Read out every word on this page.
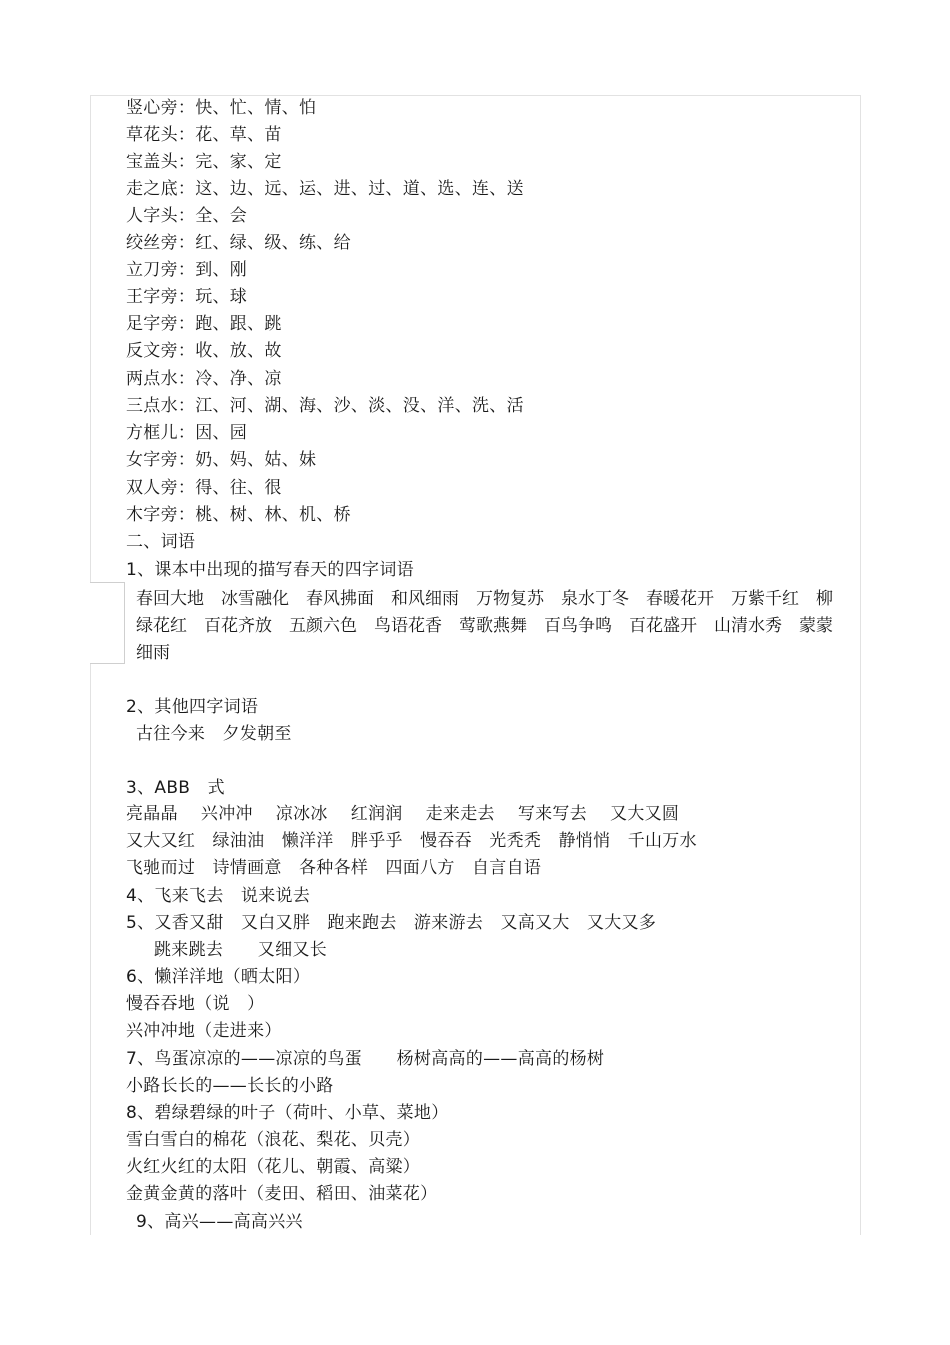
竖心旁：快、忙、情、怕
草花头：花、草、苗
宝盖头：完、家、定
走之底：这、边、远、运、进、过、道、选、连、送
人字头：全、会
绞丝旁：红、绿、级、练、给
立刀旁：到、刚
王字旁：玩、球
足字旁：跑、跟、跳
反文旁：收、放、故
两点水：冷、净、凉
三点水：江、河、湖、海、沙、淡、没、洋、洗、活
方框儿：因、园
女字旁：奶、妈、姑、妹
双人旁：得、往、很
木字旁：桃、树、林、机、桥
二、词语
1、课本中出现的描写春天的四字词语
春回大地　冰雪融化　春风拂面　和风细雨　万物复苏　泉水丁冬　春暖花开　万紫千红　柳绿花红　百花齐放　五颜六色　鸟语花香　莺歌燕舞　百鸟争鸣　百花盛开　山清水秀　蒙蒙细雨
2、其他四字词语
古往今来　夕发朝至
3、ABB　式
亮晶晶　 兴冲冲　 凉冰冰　 红润润　 走来走去　 写来写去　 又大又圆
又大又红　绿油油　懒洋洋　胖乎乎　慢吞吞　光秃秃　静悄悄　千山万水
飞驰而过　诗情画意　各种各样　四面八方　自言自语
4、飞来飞去　说来说去
5、又香又甜　又白又胖　跑来跑去　游来游去　又高又大　又大又多
跳来跳去　　又细又长
6、懒洋洋地（晒太阳）
慢吞吞地（说　）
兴冲冲地（走进来）
7、鸟蛋凉凉的——凉凉的鸟蛋　　杨树高高的——高高的杨树
小路长长的——长长的小路
8、碧绿碧绿的叶子（荷叶、小草、菜地）
雪白雪白的棉花（浪花、梨花、贝壳）
火红火红的太阳（花儿、朝霞、高粱）
金黄金黄的落叶（麦田、稻田、油菜花）
9、高兴——高高兴兴
